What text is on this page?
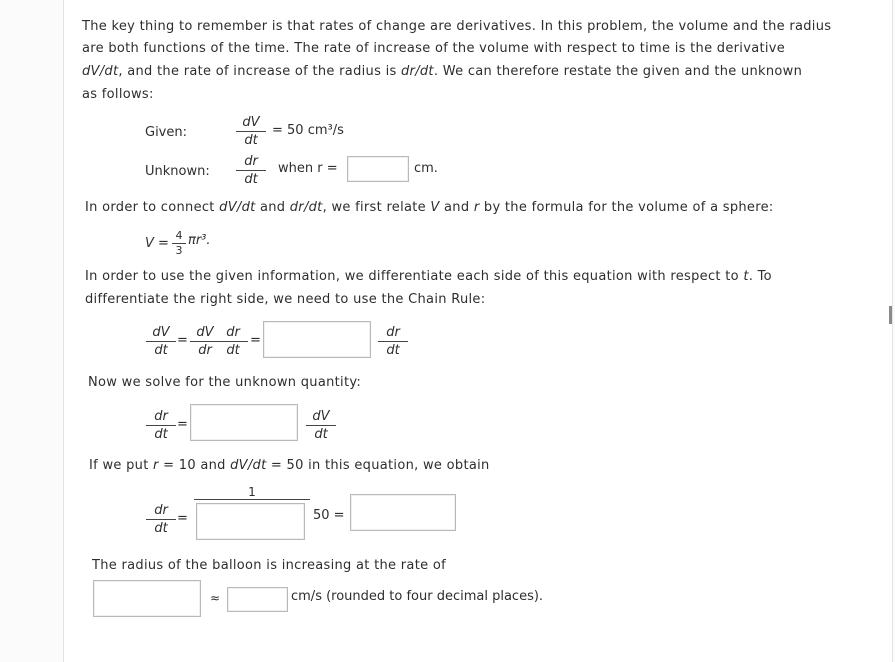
The key thing to remember is that rates of change are derivatives. In this problem, the volume and the radius
are both functions of the time. The rate of increase of the volume with respect to time is the derivative
dV/dt, and the rate of increase of the radius is dr/dt. We can therefore restate the given and the unknown
as follows:
Given:	$\frac{dV}{dt} = 50$ cm³/s
Unknown: $\frac{dr}{dt}$ when r =	cm.
In order to connect dV/dt and dr/dt, we first relate V and r by the formula for the volume of a sphere:
$V = \frac{4}{3} \pi r^3$.
In order to use the given information, we differentiate each side of this equation with respect to t. To
differentiate the right side, we need to use the Chain Rule:
$\frac{dV}{dt} = \frac{dV}{dr}$
$\frac{dr}{dt}$ =	$\frac{dr}{dt}$
Now we solve for the unknown quantity:
$\frac{dr}{dt}$ =	$\frac{dV}{dt}$
If we put r = 10 and dV/dt = 50 in this equation, we obtain
$\frac{dr}{dt}$ =
1
50 =
The radius of the balloon is increasing at the rate of
≈	cm/s (rounded to four decimal places).
